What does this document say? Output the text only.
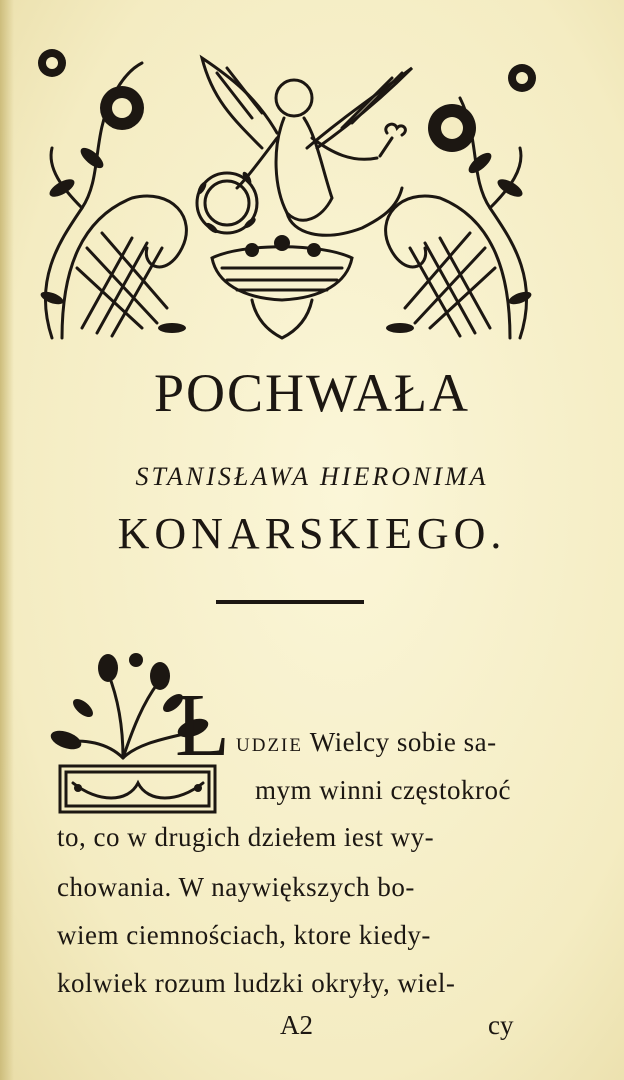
POCHWAŁA

STANISŁAWA HIERONIMA

KONARSKIEGO.

L UDZIE Wielcy sobie sa-
mym winni częstokroć
to, co w drugich dziełem iest wy-
chowania. W naywiększych bo-
wiem ciemnościach, ktore kiedy-
kolwiek rozum ludzki okryły, wiel-
A2	cy
